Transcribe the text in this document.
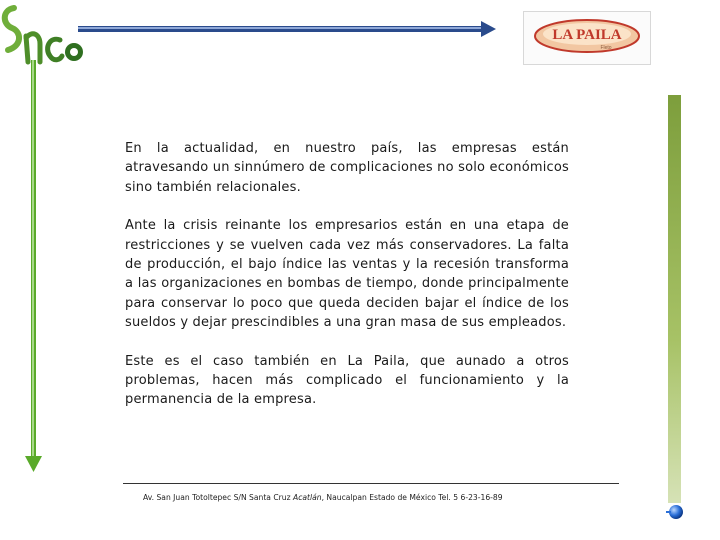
LA PAILA
Fleto

En la actualidad, en nuestro país, las empresas están atravesando un sinnúmero de complicaciones no solo económicos sino también relacionales.

Ante la crisis reinante los empresarios están en una etapa de restricciones y se vuelven cada vez más conservadores. La falta de producción, el bajo índice las ventas y la recesión transforma a las organizaciones en bombas de tiempo, donde principalmente para conservar lo poco que queda deciden bajar el índice de los sueldos y dejar prescindibles a una gran masa de sus empleados.

Este es el caso también en La Paila, que aunado a otros problemas, hacen más complicado el funcionamiento y la permanencia de la empresa.

Av. San Juan Totoltepec S/N Santa Cruz Acatlán, Naucalpan Estado de México Tel. 5 6-23-16-89
